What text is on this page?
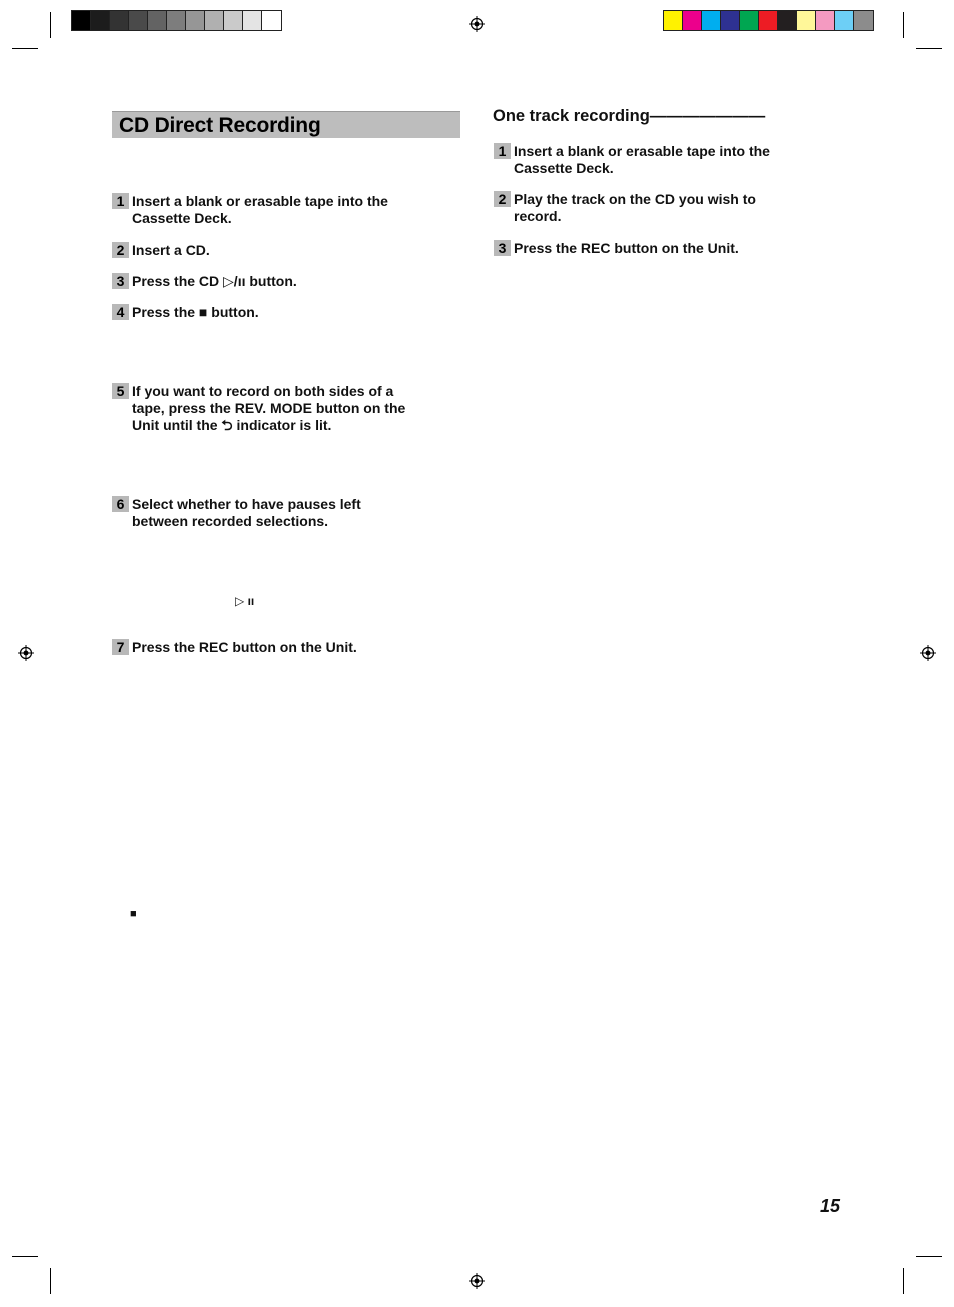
CD Direct Recording
1 Insert a blank or erasable tape into the
Cassette Deck.
2 Insert a CD.
3 Press the CD ▷/ıı button.
4 Press the ■ button.
5 If you want to record on both sides of a
tape, press the REV. MODE button on the
Unit until the ⮌ indicator is lit.
6 Select whether to have pauses left
between recorded selections.
▷ ıı
7 Press the REC button on the Unit.
■
One track recording———————
1 Insert a blank or erasable tape into the
Cassette Deck.
2 Play the track on the CD you wish to
record.
3 Press the REC button on the Unit.
15
